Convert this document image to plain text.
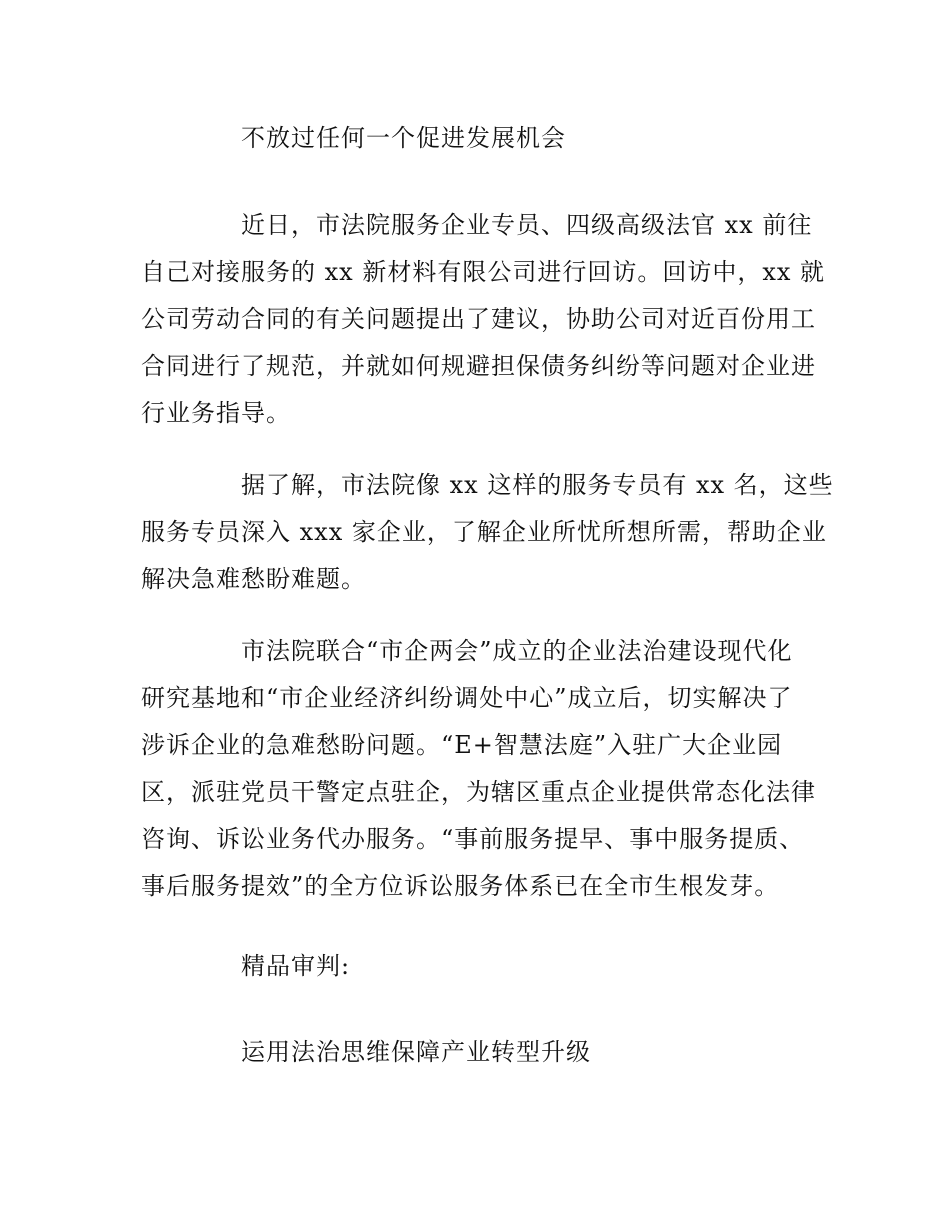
不放过任何一个促进发展机会
近日，市法院服务企业专员、四级高级法官 xx 前往
自己对接服务的 xx 新材料有限公司进行回访。回访中，xx 就
公司劳动合同的有关问题提出了建议，协助公司对近百份用工
合同进行了规范，并就如何规避担保债务纠纷等问题对企业进
行业务指导。
据了解，市法院像 xx 这样的服务专员有 xx 名，这些
服务专员深入 xxx 家企业，了解企业所忧所想所需，帮助企业
解决急难愁盼难题。
市法院联合“市企两会”成立的企业法治建设现代化
研究基地和“市企业经济纠纷调处中心”成立后，切实解决了
涉诉企业的急难愁盼问题。“E+智慧法庭”入驻广大企业园
区，派驻党员干警定点驻企，为辖区重点企业提供常态化法律
咨询、诉讼业务代办服务。“事前服务提早、事中服务提质、
事后服务提效”的全方位诉讼服务体系已在全市生根发芽。
精品审判:
运用法治思维保障产业转型升级
